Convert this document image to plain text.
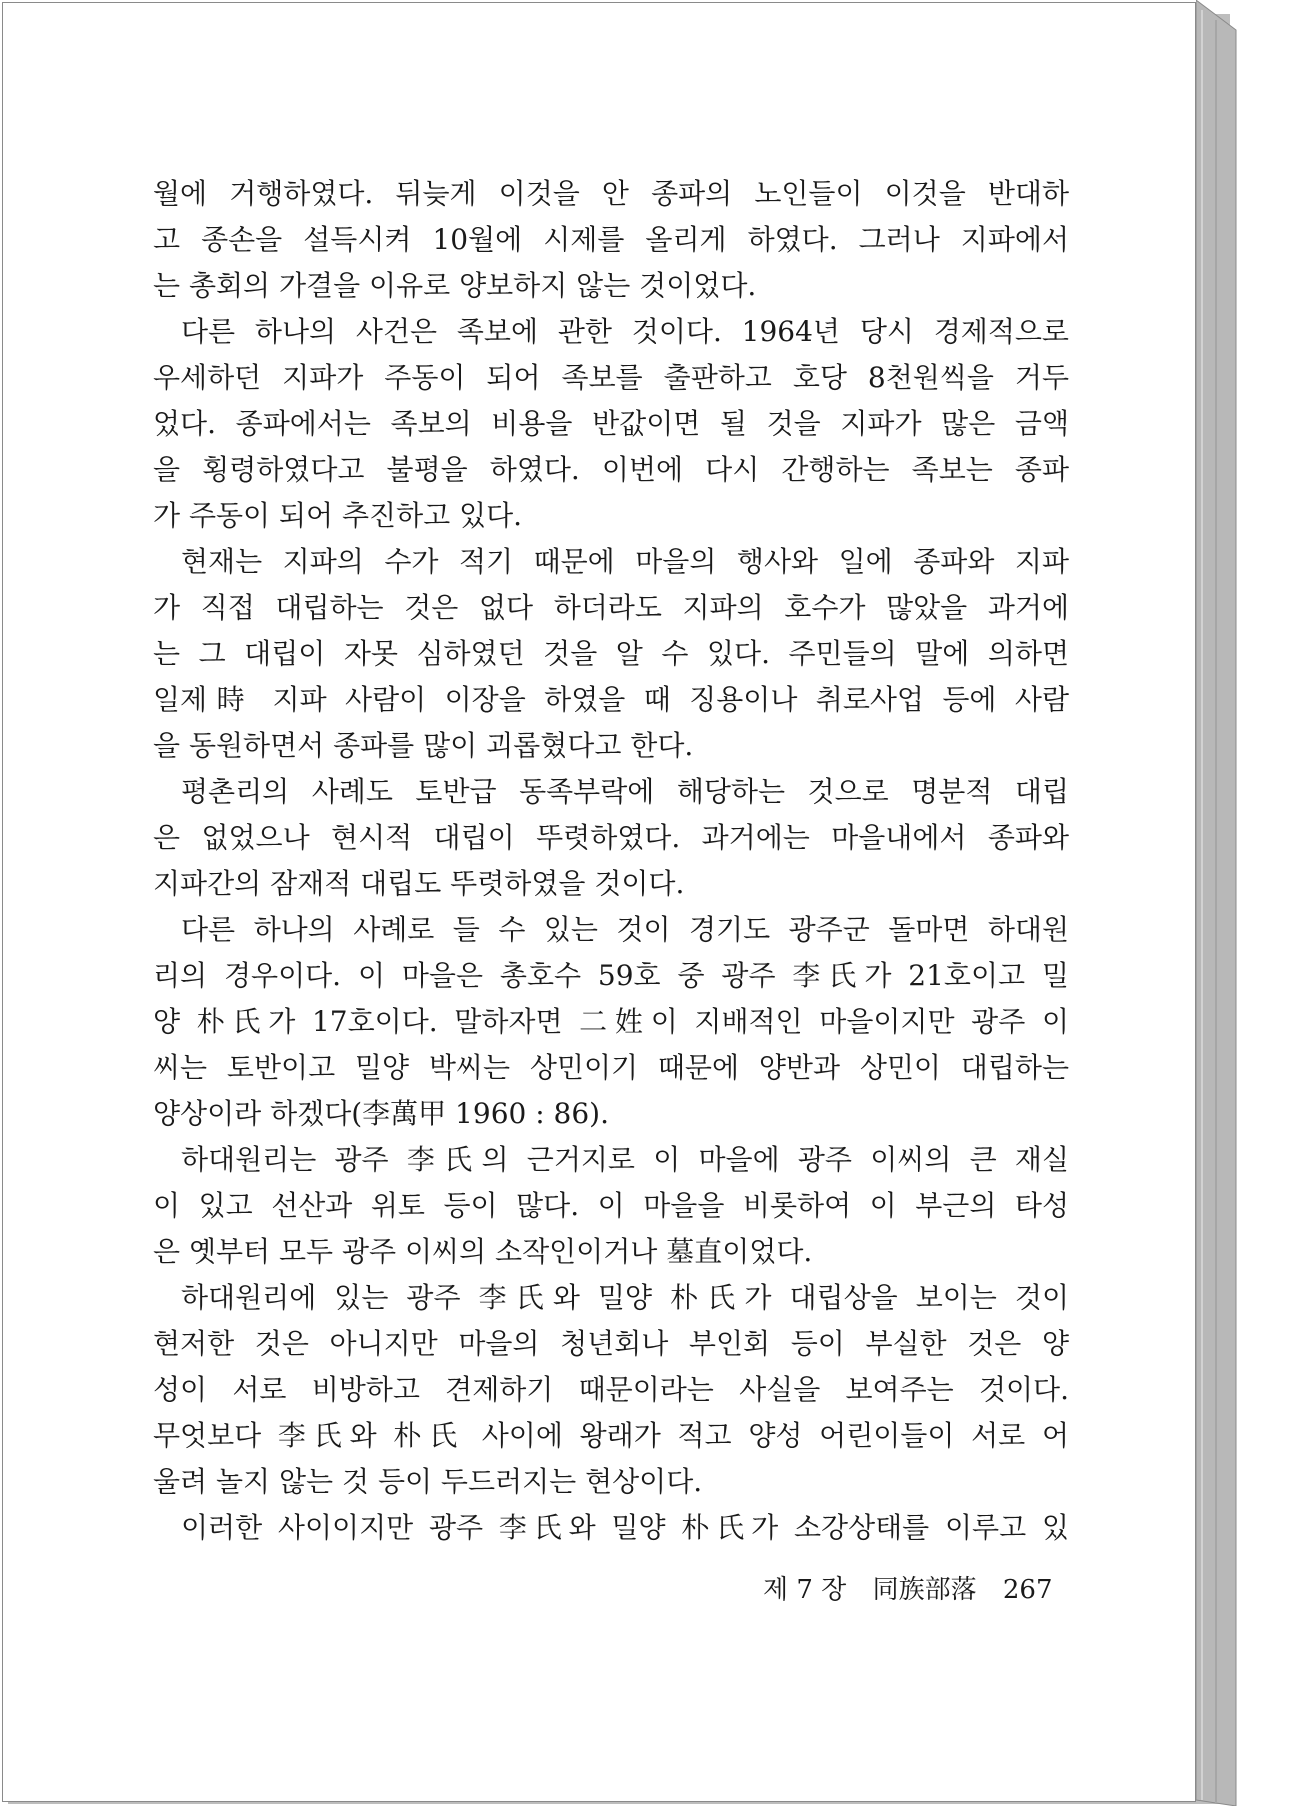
월에 거행하였다. 뒤늦게 이것을 안 종파의 노인들이 이것을 반대하
고 종손을 설득시켜 10월에 시제를 올리게 하였다. 그러나 지파에서
는 총회의 가결을 이유로 양보하지 않는 것이었다.
다른 하나의 사건은 족보에 관한 것이다. 1964년 당시 경제적으로
우세하던 지파가 주동이 되어 족보를 출판하고 호당 8천원씩을 거두
었다. 종파에서는 족보의 비용을 반값이면 될 것을 지파가 많은 금액
을 횡령하였다고 불평을 하였다. 이번에 다시 간행하는 족보는 종파
가 주동이 되어 추진하고 있다.
현재는 지파의 수가 적기 때문에 마을의 행사와 일에 종파와 지파
가 직접 대립하는 것은 없다 하더라도 지파의 호수가 많았을 과거에
는 그 대립이 자못 심하였던 것을 알 수 있다. 주민들의 말에 의하면
일제時 지파 사람이 이장을 하였을 때 징용이나 취로사업 등에 사람
을 동원하면서 종파를 많이 괴롭혔다고 한다.
평촌리의 사례도 토반급 동족부락에 해당하는 것으로 명분적 대립
은 없었으나 현시적 대립이 뚜렷하였다. 과거에는 마을내에서 종파와
지파간의 잠재적 대립도 뚜렷하였을 것이다.
다른 하나의 사례로 들 수 있는 것이 경기도 광주군 돌마면 하대원
리의 경우이다. 이 마을은 총호수 59호 중 광주 李氏가 21호이고 밀
양 朴氏가 17호이다. 말하자면 二姓이 지배적인 마을이지만 광주 이
씨는 토반이고 밀양 박씨는 상민이기 때문에 양반과 상민이 대립하는
양상이라 하겠다(李萬甲 1960 : 86).
하대원리는 광주 李氏의 근거지로 이 마을에 광주 이씨의 큰 재실
이 있고 선산과 위토 등이 많다. 이 마을을 비롯하여 이 부근의 타성
은 옛부터 모두 광주 이씨의 소작인이거나 墓直이었다.
하대원리에 있는 광주 李氏와 밀양 朴氏가 대립상을 보이는 것이
현저한 것은 아니지만 마을의 청년회나 부인회 등이 부실한 것은 양
성이 서로 비방하고 견제하기 때문이라는 사실을 보여주는 것이다.
무엇보다 李氏와 朴氏 사이에 왕래가 적고 양성 어린이들이 서로 어
울려 놀지 않는 것 등이 두드러지는 현상이다.
이러한 사이이지만 광주 李氏와 밀양 朴氏가 소강상태를 이루고 있
제 7 장 同族部落 267
